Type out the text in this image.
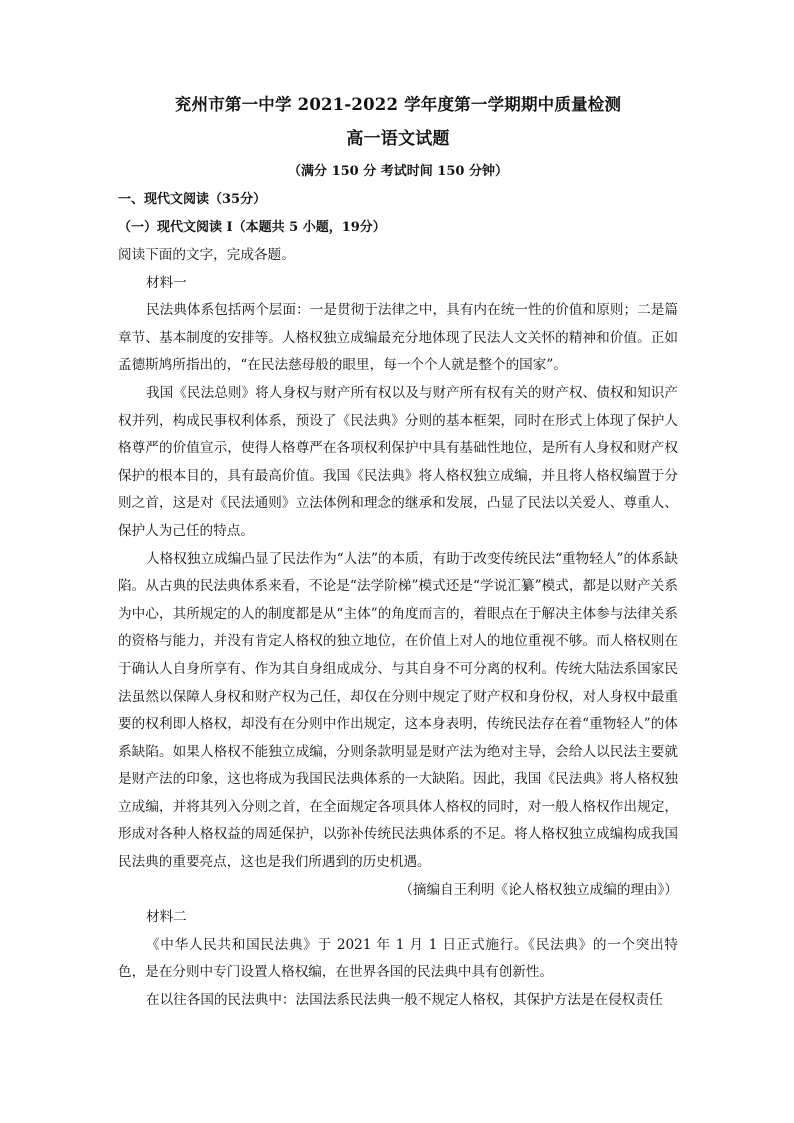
兖州市第一中学 2021-2022 学年度第一学期期中质量检测
高一语文试题
（满分 150 分 考试时间 150 分钟）
一、现代文阅读（35分）
（一）现代文阅读 I（本题共 5 小题，19分）
阅读下面的文字，完成各题。
材料一
民法典体系包括两个层面：一是贯彻于法律之中，具有内在统一性的价值和原则；二是篇章节、基本制度的安排等。人格权独立成编最充分地体现了民法人文关怀的精神和价值。正如孟德斯鸠所指出的，“在民法慈母般的眼里，每一个个人就是整个的国家”。
我国《民法总则》将人身权与财产所有权以及与财产所有权有关的财产权、债权和知识产权并列，构成民事权利体系，预设了《民法典》分则的基本框架，同时在形式上体现了保护人格尊严的价值宣示，使得人格尊严在各项权利保护中具有基础性地位，是所有人身权和财产权保护的根本目的，具有最高价值。我国《民法典》将人格权独立成编，并且将人格权编置于分则之首，这是对《民法通则》立法体例和理念的继承和发展，凸显了民法以关爱人、尊重人、保护人为己任的特点。
人格权独立成编凸显了民法作为“人法”的本质，有助于改变传统民法“重物轻人”的体系缺陷。从古典的民法典体系来看，不论是“法学阶梯”模式还是“学说汇纂”模式，都是以财产关系为中心，其所规定的人的制度都是从“主体”的角度而言的，着眼点在于解决主体参与法律关系的资格与能力，并没有肯定人格权的独立地位，在价值上对人的地位重视不够。而人格权则在于确认人自身所享有、作为其自身组成成分、与其自身不可分离的权利。传统大陆法系国家民法虽然以保障人身权和财产权为己任，却仅在分则中规定了财产权和身份权，对人身权中最重要的权利即人格权，却没有在分则中作出规定，这本身表明，传统民法存在着“重物轻人”的体系缺陷。如果人格权不能独立成编，分则条款明显是财产法为绝对主导，会给人以民法主要就是财产法的印象，这也将成为我国民法典体系的一大缺陷。因此，我国《民法典》将人格权独立成编，并将其列入分则之首，在全面规定各项具体人格权的同时，对一般人格权作出规定，形成对各种人格权益的周延保护，以弥补传统民法典体系的不足。将人格权独立成编构成我国民法典的重要亮点，这也是我们所遇到的历史机遇。
（摘编自王利明《论人格权独立成编的理由》）
材料二
《中华人民共和国民法典》于 2021 年 1 月 1 日正式施行。《民法典》的一个突出特色，是在分则中专门设置人格权编，在世界各国的民法典中具有创新性。
在以往各国的民法典中：法国法系民法典一般不规定人格权，其保护方法是在侵权责任
